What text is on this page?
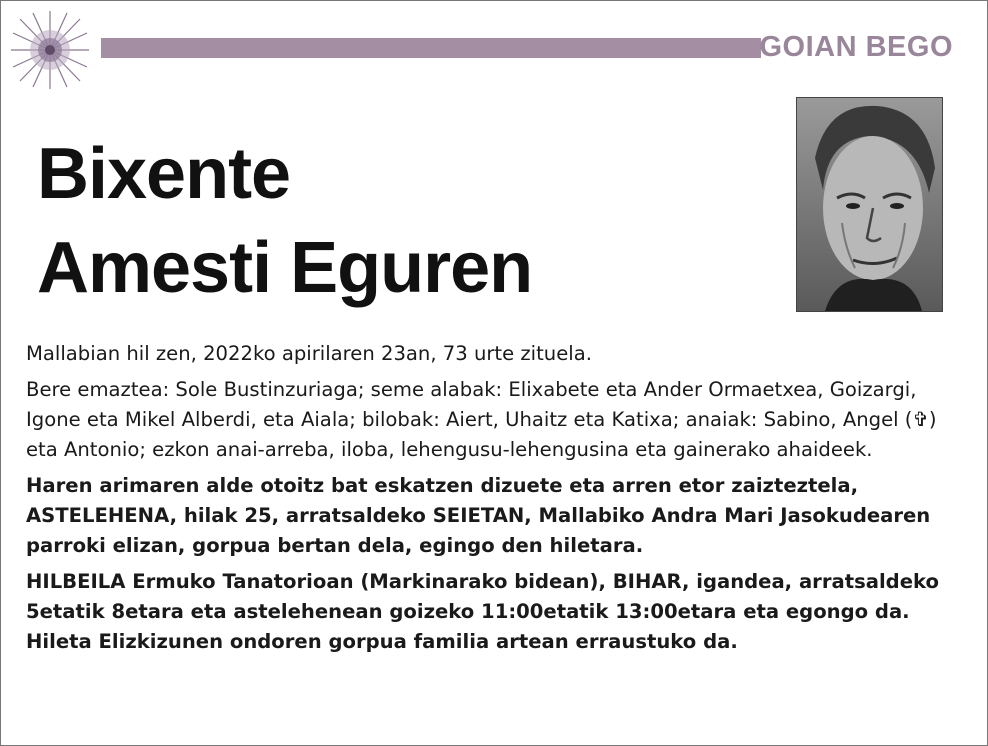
GOIAN BEGO
Bixente
Amesti Eguren

Mallabian hil zen, 2022ko apirilaren 23an, 73 urte zituela.

Bere emaztea: Sole Bustinzuriaga; seme alabak: Elixabete eta Ander Ormaetxea, Goizargi, Igone eta Mikel Alberdi, eta Aiala; bilobak: Aiert, Uhaitz eta Katixa; anaiak: Sabino, Angel (✞) eta Antonio; ezkon anai-arreba, iloba, lehengusu-lehengusina eta gainerako ahaideek.

Haren arimaren alde otoitz bat eskatzen dizuete eta arren etor zaizteztela, ASTELEHENA, hilak 25, arratsaldeko SEIETAN, Mallabiko Andra Mari Jasokudearen parroki elizan, gorpua bertan dela, egingo den hiletara.

HILBEILA Ermuko Tanatorioan (Markinarako bidean), BIHAR, igandea, arratsaldeko 5etatik 8etara eta astelehenean goizeko 11:00etatik 13:00etara eta egongo da. Hileta Elizkizunen ondoren gorpua familia artean erraustuko da.
